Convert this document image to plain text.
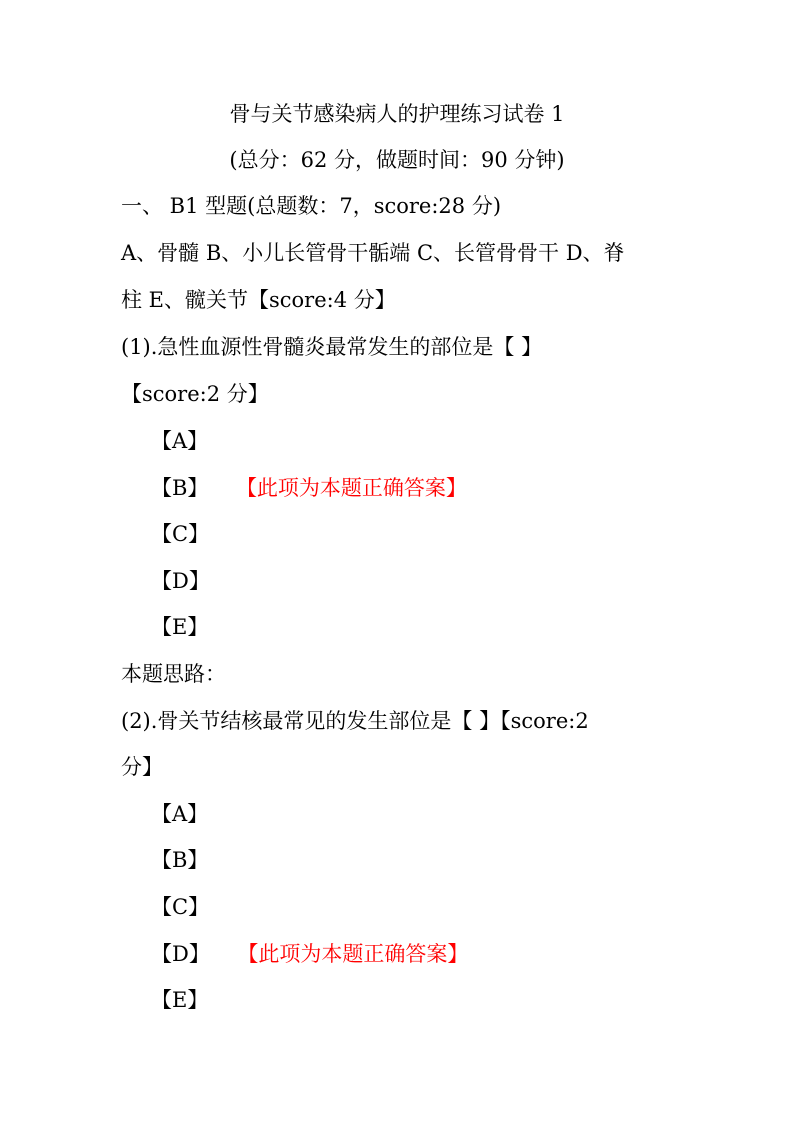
骨与关节感染病人的护理练习试卷 1
(总分：62 分，做题时间：90 分钟)
一、 B1 型题(总题数：7，score:28 分)
A、骨髓 B、小儿长管骨干骺端 C、长管骨骨干 D、脊
柱 E、髋关节【score:4 分】
(1).急性血源性骨髓炎最常发生的部位是【 】
【score:2 分】
【A】
【B】 【此项为本题正确答案】
【C】
【D】
【E】
本题思路：
(2).骨关节结核最常见的发生部位是【 】【score:2
分】
【A】
【B】
【C】
【D】 【此项为本题正确答案】
【E】
